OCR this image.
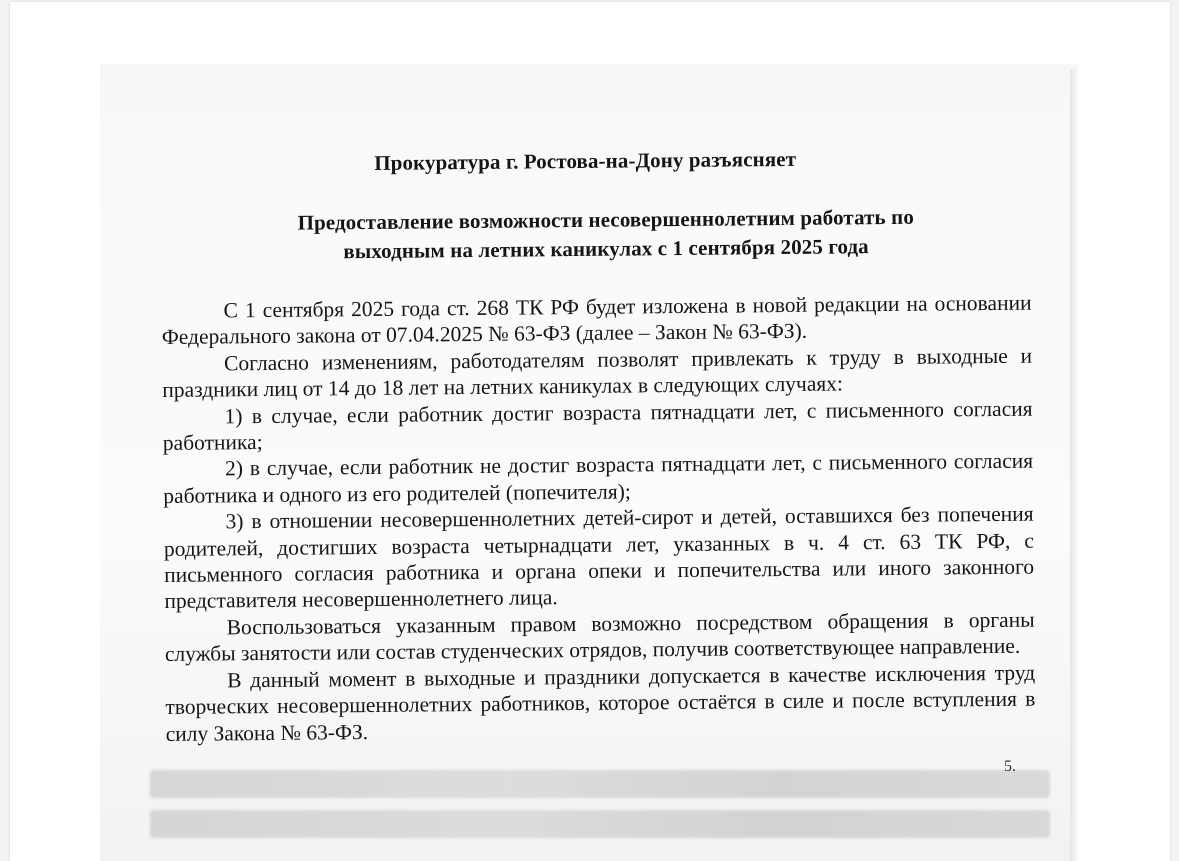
Прокуратура г. Ростова-на-Дону разъясняет

Предоставление возможности несовершеннолетним работать по
выходным на летних каникулах с 1 сентября 2025 года

С 1 сентября 2025 года ст. 268 ТК РФ будет изложена в новой редакции на основании Федерального закона от 07.04.2025 № 63-ФЗ (далее – Закон № 63-ФЗ).

Согласно изменениям, работодателям позволят привлекать к труду в выходные и праздники лиц от 14 до 18 лет на летних каникулах в следующих случаях:

1) в случае, если работник достиг возраста пятнадцати лет, с письменного согласия работника;

2) в случае, если работник не достиг возраста пятнадцати лет, с письменного согласия работника и одного из его родителей (попечителя);

3) в отношении несовершеннолетних детей-сирот и детей, оставшихся без попечения родителей, достигших возраста четырнадцати лет, указанных в ч. 4 ст. 63 ТК РФ, с письменного согласия работника и органа опеки и попечительства или иного законного представителя несовершеннолетнего лица.

Воспользоваться указанным правом возможно посредством обращения в органы службы занятости или состав студенческих отрядов, получив соответствующее направление.

В данный момент в выходные и праздники допускается в качестве исключения труд творческих несовершеннолетних работников, которое остаётся в силе и после вступления в силу Закона № 63-ФЗ.

5.
